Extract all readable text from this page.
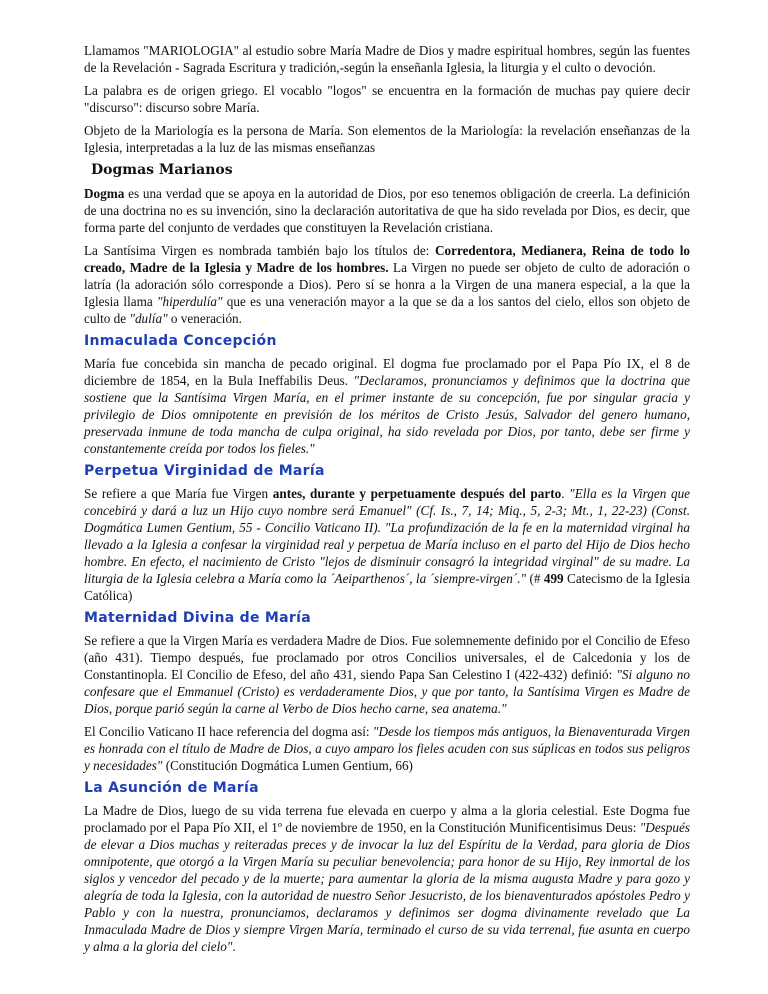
Llamamos "MARIOLOGIA" al estudio sobre María Madre de Dios y madre espiritual hombres, según las fuentes de la Revelación - Sagrada Escritura y tradición,-según la enseñanla Iglesia, la liturgia y el culto o devoción.

La palabra es de origen griego. El vocablo "logos" se encuentra en la formación de muchas pay quiere decir "discurso": discurso sobre María.

Objeto de la Mariología es la persona de María. Son elementos de la Mariología: la revelación enseñanzas de la Iglesia, interpretadas a la luz de las mismas enseñanzas

Dogmas Marianos

Dogma es una verdad que se apoya en la autoridad de Dios, por eso tenemos obligación de creerla. La definición de una doctrina no es su invención, sino la declaración autoritativa de que ha sido revelada por Dios, es decir, que forma parte del conjunto de verdades que constituyen la Revelación cristiana.

La Santísima Virgen es nombrada también bajo los títulos de: Corredentora, Medianera, Reina de todo lo creado, Madre de la Iglesia y Madre de los hombres. La Virgen no puede ser objeto de culto de adoración o latría (la adoración sólo corresponde a Dios). Pero sí se honra a la Virgen de una manera especial, a la que la Iglesia llama "hiperdulía" que es una veneración mayor a la que se da a los santos del cielo, ellos son objeto de culto de "dulía" o veneración.

Inmaculada Concepción

María fue concebida sin mancha de pecado original. El dogma fue proclamado por el Papa Pío IX, el 8 de diciembre de 1854, en la Bula Ineffabilis Deus. "Declaramos, pronunciamos y definimos que la doctrina que sostiene que la Santísima Virgen María, en el primer instante de su concepción, fue por singular gracia y privilegio de Dios omnipotente en previsión de los méritos de Cristo Jesús, Salvador del genero humano, preservada inmune de toda mancha de culpa original, ha sido revelada por Dios, por tanto, debe ser firme y constantemente creída por todos los fieles."

Perpetua Virginidad de María

Se refiere a que María fue Virgen antes, durante y perpetuamente después del parto. "Ella es la Virgen que concebirá y dará a luz un Hijo cuyo nombre será Emanuel" (Cf. Is., 7, 14; Miq., 5, 2-3; Mt., 1, 22-23) (Const. Dogmática Lumen Gentium, 55 - Concilio Vaticano II). "La profundización de la fe en la maternidad virginal ha llevado a la Iglesia a confesar la virginidad real y perpetua de María incluso en el parto del Hijo de Dios hecho hombre. En efecto, el nacimiento de Cristo "lejos de disminuir consagró la integridad virginal" de su madre. La liturgia de la Iglesia celebra a María como la ´Aeiparthenos´, la ´siempre-virgen´." (# 499 Catecismo de la Iglesia Católica)

Maternidad Divina de María

Se refiere a que la Virgen María es verdadera Madre de Dios. Fue solemnemente definido por el Concilio de Efeso (año 431). Tiempo después, fue proclamado por otros Concilios universales, el de Calcedonia y los de Constantinopla. El Concilio de Efeso, del año 431, siendo Papa San Celestino I (422-432) definió: "Si alguno no confesare que el Emmanuel (Cristo) es verdaderamente Dios, y que por tanto, la Santísima Virgen es Madre de Dios, porque parió según la carne al Verbo de Dios hecho carne, sea anatema."

El Concilio Vaticano II hace referencia del dogma así: "Desde los tiempos más antiguos, la Bienaventurada Virgen es honrada con el título de Madre de Dios, a cuyo amparo los fieles acuden con sus súplicas en todos sus peligros y necesidades" (Constitución Dogmática Lumen Gentium, 66)

La Asunción de María

La Madre de Dios, luego de su vida terrena fue elevada en cuerpo y alma a la gloria celestial. Este Dogma fue proclamado por el Papa Pío XII, el 1º de noviembre de 1950, en la Constitución Munificentisimus Deus: "Después de elevar a Dios muchas y reiteradas preces y de invocar la luz del Espíritu de la Verdad, para gloria de Dios omnipotente, que otorgó a la Virgen María su peculiar benevolencia; para honor de su Hijo, Rey inmortal de los siglos y vencedor del pecado y de la muerte; para aumentar la gloria de la misma augusta Madre y para gozo y alegría de toda la Iglesia, con la autoridad de nuestro Señor Jesucristo, de los bienaventurados apóstoles Pedro y Pablo y con la nuestra, pronunciamos, declaramos y definimos ser dogma divinamente revelado que La Inmaculada Madre de Dios y siempre Virgen María, terminado el curso de su vida terrenal, fue asunta en cuerpo y alma a la gloria del cielo".
